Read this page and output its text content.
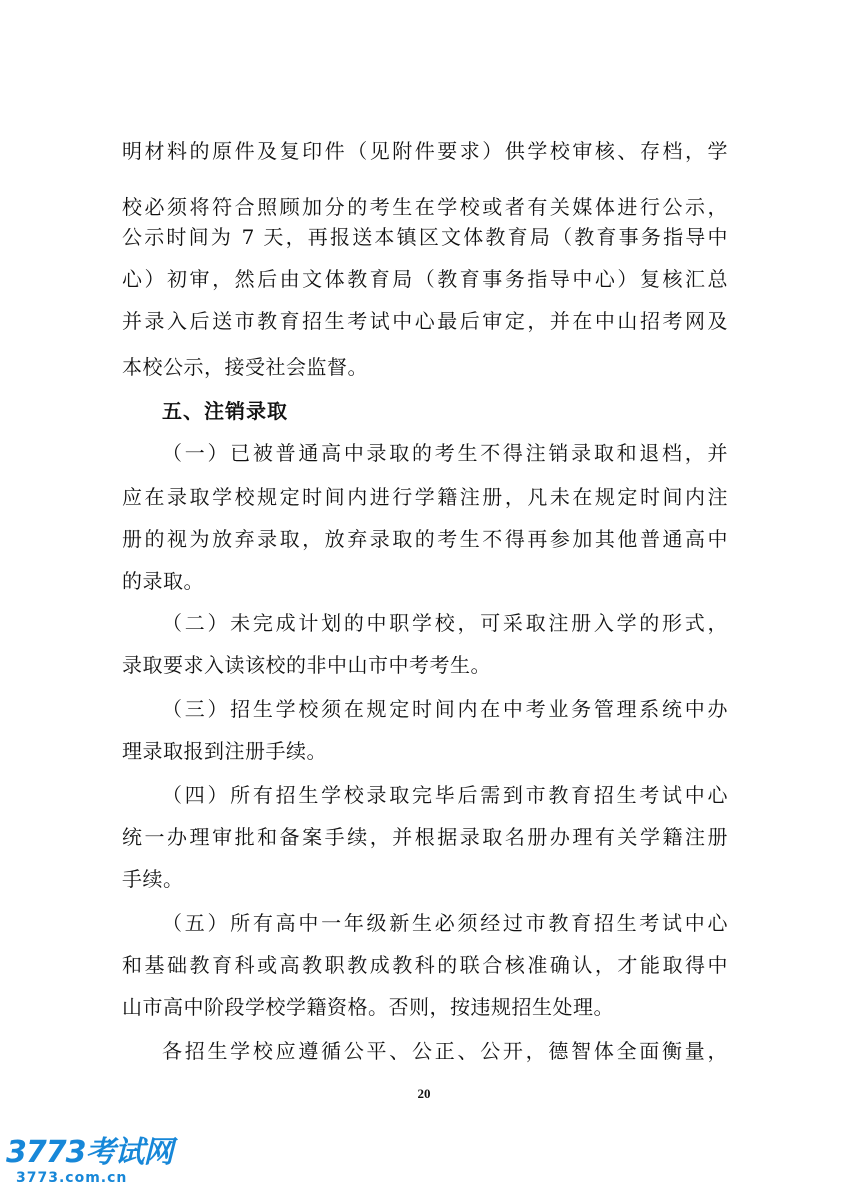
明材料的原件及复印件（见附件要求）供学校审核、存档，学
校必须将符合照顾加分的考生在学校或者有关媒体进行公示，
公示时间为 7 天，再报送本镇区文体教育局（教育事务指导中
心）初审，然后由文体教育局（教育事务指导中心）复核汇总
并录入后送市教育招生考试中心最后审定，并在中山招考网及
本校公示，接受社会监督。
五、注销录取
（一）已被普通高中录取的考生不得注销录取和退档，并
应在录取学校规定时间内进行学籍注册，凡未在规定时间内注
册的视为放弃录取，放弃录取的考生不得再参加其他普通高中
的录取。
（二）未完成计划的中职学校，可采取注册入学的形式，
录取要求入读该校的非中山市中考考生。
（三）招生学校须在规定时间内在中考业务管理系统中办
理录取报到注册手续。
（四）所有招生学校录取完毕后需到市教育招生考试中心
统一办理审批和备案手续，并根据录取名册办理有关学籍注册
手续。
（五）所有高中一年级新生必须经过市教育招生考试中心
和基础教育科或高教职教成教科的联合核准确认，才能取得中
山市高中阶段学校学籍资格。否则，按违规招生处理。
各招生学校应遵循公平、公正、公开，德智体全面衡量，
20
3773考试网
3773.com.cn
